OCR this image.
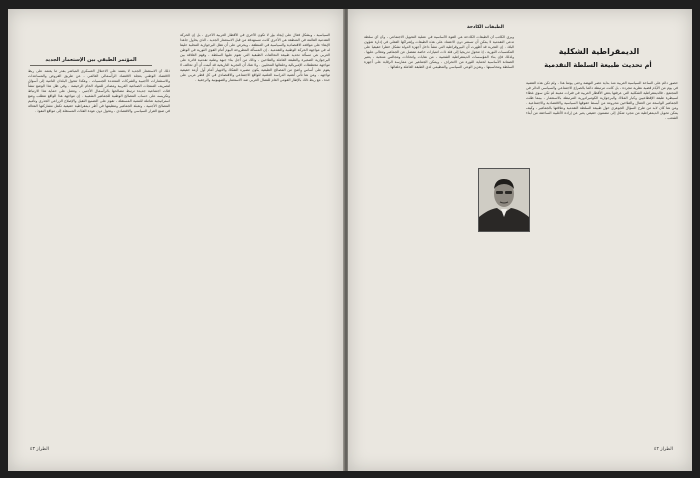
المؤتمر الطبقي بين الإستعمار الجديد
السياسية ، وبشكل فعال على إيجاد بؤر لا تكون الأخرى في الأقطار العربية الأخرى ، بل إن الحركة التقدمية القائمة في المنطقة هي الأخرى كانت مستهدفة من قبل الاستعمار الجديد ، الذي يحاول جاهدا الإبقاء على مواقعه الاقتصادية والسياسية في المنطقة ، ويحرص على أن تظل البرجوازية المحلية حليفا له في مواجهة الحركة الوطنية والتقدمية . إن المسألة المطروحة اليوم أمام القوى الثورية في الوطن العربي هي مسألة تحديد طبيعة التحالفات الطبقية التي تقوم عليها السلطة ، وفهم العلاقة بين البرجوازية الصغيرة والطبقة العاملة والفلاحين ، وذلك من أجل بناء جبهة وطنية تقدمية قادرة على مواجهة مخططات الإمبريالية وحلفائها المحليين . ولا شك أن التجربة التاريخية قد أثبتت أن أي تحالف لا يقوم على أساس واضح من المصالح الطبقية يكون مصيره التفكك والانهيار أمام أول أزمة حقيقية تواجهه . ومن هنا تأتي أهمية الدراسة العلمية للواقع الاجتماعي والاقتصادي في كل قطر عربي على حدة ، مع ربط ذلك بالإطار القومي العام للنضال العربي ضد الاستعمار والصهيونية والرجعية .
ذلك أن الاستعمار الجديد لا يعتمد على الاحتلال العسكري المباشر بقدر ما يعتمد على ربط الاقتصاد الوطني بعجلة الاقتصاد الرأسمالي العالمي ، عن طريق القروض والمساعدات والاستثمارات الأجنبية والشركات المتعددة الجنسيات . وهكذا تتحول البلدان النامية إلى أسواق لتصريف المنتجات الصناعية الغربية ومصادر للمواد الخام الرخيصة . وفي ظل هذا الوضع تنشأ فئات اجتماعية جديدة ترتبط مصالحها بالرأسمال الأجنبي ، وتعمل على حماية هذا الارتباط وتكريسه على حساب المصالح الوطنية للجماهير الشعبية . إن مواجهة هذا الواقع تتطلب وضع استراتيجية شاملة للتنمية المستقلة ، تقوم على التصنيع الثقيل والإصلاح الزراعي الجذري وتأميم المصالح الأجنبية ، وتعبئة الجماهير وتنظيمها في أطر ديمقراطية حقيقية تكفل مشاركتها الفعالة في صنع القرار السياسي والاقتصادي ، وتحول دون عودة الفئات المستغلة إلى مواقع النفوذ .
الطراز ٤٣
الديمقراطية الشكلية
أم تحديث طبيعة السلطة التقدمية
الطبقات الكادحة
حضور دائم على الساحة السياسية العربية منذ بداية عصر النهضة وحتى يومنا هذا ، ولم تكن هذه القضية في يوم من الأيام قضية نظرية مجردة ، بل كانت مرتبطة دائما بالصراع الاجتماعي والسياسي الدائر في المجتمع . فالديمقراطية الشكلية التي عرفتها بعض الأقطار العربية في فترات معينة لم تكن سوى غطاء لسيطرة طبقة الإقطاعيين وكبار الملاك والبرجوازية الكومبرادورية المرتبطة بالاستعمار ، بينما ظلت الجماهير الواسعة من العمال والفلاحين محرومة من أبسط حقوقها السياسية والاقتصادية والاجتماعية . ومن هنا كان لابد من طرح السؤال الجوهري حول طبيعة السلطة التقدمية وعلاقتها بالجماهير ، وكيف يمكن تحويل الديمقراطية من مجرد شكل إلى مضمون حقيقي يعبر عن إرادة الأغلبية الساحقة من أبناء الشعب .
ويرى الكاتب أن الطبقات الكادحة هي القوة الأساسية في عملية التحويل الاجتماعي ، وأن أي سلطة تدعي التقدمية لا يمكن أن تستمر دون الاعتماد على هذه الطبقات وإشراكها الفعلي في إدارة شؤون البلاد . إن التجربة قد أظهرت أن البيروقراطية التي تنشأ داخل أجهزة الدولة تشكل خطرا حقيقيا على المكتسبات الثورية ، إذ تتحول تدريجيا إلى فئة ذات امتيازات خاصة تنفصل عن الجماهير وتتعالى عليها . ولذلك فإن بناء المؤسسات الديمقراطية الشعبية ، من نقابات واتحادات ومجالس منتخبة ، يعتبر الضمانة الأساسية لحماية الثورة من الانحراف ، ويمكن الجماهير من ممارسة الرقابة على أجهزة السلطة ومحاسبتها ، وتعزيز الوعي السياسي والتنظيمي لدى الطبقة العاملة وحلفائها .
الطراز ٤٢
